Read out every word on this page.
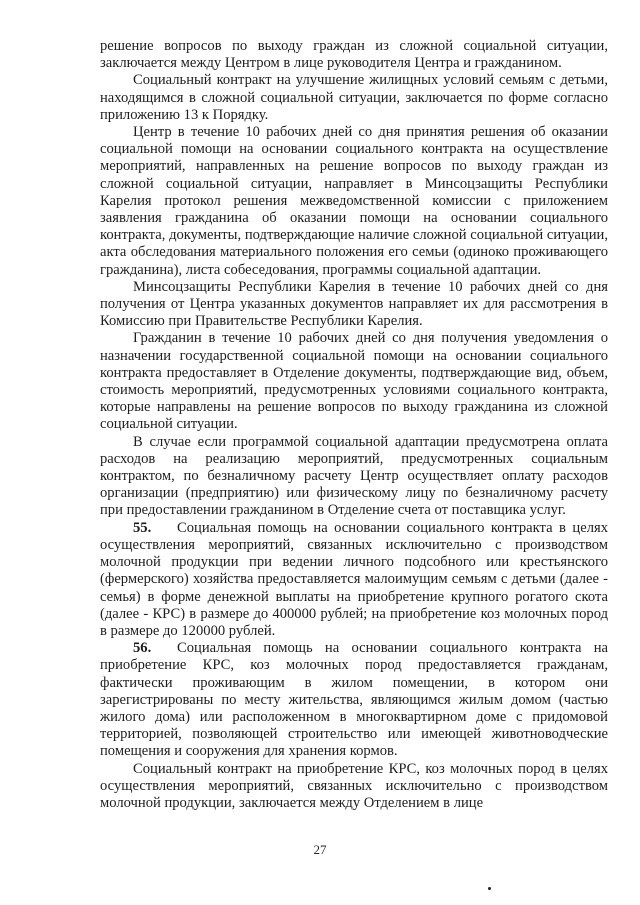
решение вопросов по выходу граждан из сложной социальной ситуации, заключается между Центром в лице руководителя Центра и гражданином.

Социальный контракт на улучшение жилищных условий семьям с детьми, находящимся в сложной социальной ситуации, заключается по форме согласно приложению 13 к Порядку.

Центр в течение 10 рабочих дней со дня принятия решения об оказании социальной помощи на основании социального контракта на осуществление мероприятий, направленных на решение вопросов по выходу граждан из сложной социальной ситуации, направляет в Минсоцзащиты Республики Карелия протокол решения межведомственной комиссии с приложением заявления гражданина об оказании помощи на основании социального контракта, документы, подтверждающие наличие сложной социальной ситуации, акта обследования материального положения его семьи (одиноко проживающего гражданина), листа собеседования, программы социальной адаптации.

Минсоцзащиты Республики Карелия в течение 10 рабочих дней со дня получения от Центра указанных документов направляет их для рассмотрения в Комиссию при Правительстве Республики Карелия.

Гражданин в течение 10 рабочих дней со дня получения уведомления о назначении государственной социальной помощи на основании социального контракта предоставляет в Отделение документы, подтверждающие вид, объем, стоимость мероприятий, предусмотренных условиями социального контракта, которые направлены на решение вопросов по выходу гражданина из сложной социальной ситуации.

В случае если программой социальной адаптации предусмотрена оплата расходов на реализацию мероприятий, предусмотренных социальным контрактом, по безналичному расчету Центр осуществляет оплату расходов организации (предприятию) или физическому лицу по безналичному расчету при предоставлении гражданином в Отделение счета от поставщика услуг.

55. Социальная помощь на основании социального контракта в целях осуществления мероприятий, связанных исключительно с производством молочной продукции при ведении личного подсобного или крестьянского (фермерского) хозяйства предоставляется малоимущим семьям с детьми (далее - семья) в форме денежной выплаты на приобретение крупного рогатого скота (далее - КРС) в размере до 400000 рублей; на приобретение коз молочных пород в размере до 120000 рублей.

56. Социальная помощь на основании социального контракта на приобретение КРС, коз молочных пород предоставляется гражданам, фактически проживающим в жилом помещении, в котором они зарегистрированы по месту жительства, являющимся жилым домом (частью жилого дома) или расположенном в многоквартирном доме с придомовой территорией, позволяющей строительство или имеющей животноводческие помещения и сооружения для хранения кормов.

Социальный контракт на приобретение КРС, коз молочных пород в целях осуществления мероприятий, связанных исключительно с производством молочной продукции, заключается между Отделением в лице

27
